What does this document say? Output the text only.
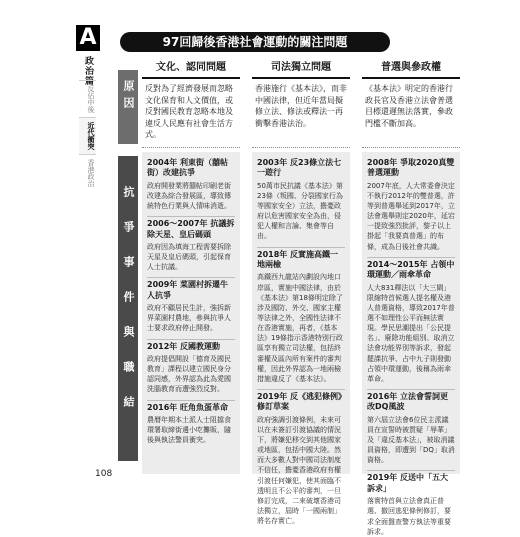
A
政治篇
反佔中後
近代衝突
香港政治
108
97回歸後香港社會運動的關注問題
原因
抗爭事件與職結
文化、認同問題
反對為了經濟發展而忽略文化保育和人文價值，或反對國民教育忽略本地及違反人民應有社會生活方式。
2004年 利東街（囍帖街）改建抗爭
政府開發業將囍帖印刷老街改建為綜合發展區，導致傳統特色行業與人情味消逝。
2006～2007年 抗議拆除天星、皇后碼頭
政府因為填海工程需要拆除天星及皇后碼頭，引起保育人士抗議。
2009年 菜園村拆遷牛人抗爭
政府不顧居民生計，強拆新界菜園村農地，參與抗爭人士要求政府停止開發。
2012年 反國教運動
政府提倡開設「德育及國民教育」課程以建立國民身分認同感，外界認為此為愛國洗腦教育而遭強烈反對。
2016年 旺角魚蛋革命
農曆年期本土派人士阻擋食環署取締街邊小吃攤販，隨後與執法警員衝突。
司法獨立問題
香港施行《基本法》，而非中國法律，但近年當局擬修立法、修法或釋法一再衝擊香港法治。
2003年 反23條立法七一遊行
50萬市民抗議《基本法》第23條（叛國、分裂國家行為等國家安全）立法，擔憂政府以危害國家安全為由，侵犯人權和言論、集會等自由。
2018年 反實施高鐵一地兩檢
高鐵西九龍站內劃設內地口岸區，實施中國法律，由於《基本法》第18條明定除了涉及國防、外交、國家主權等法律之外，全國性法律不在香港實施，再者，《基本法》19條指示香港特別行政區享有獨立司法權，包括終審權及區內所有案件的審判權，因此外界認為一地兩檢措施違反了《基本法》。
2019年 反《逃犯條例》修訂草案
政府強調引渡條例，未來可以在未簽訂引渡協議的情況下，將嫌犯移交到其他國家或地區，包括中國大陸。然而大多數人對中國司法制度不信任，擔憂香港政府有權引渡任何嫌犯，使其面臨不透明且不公平的審判，一旦修訂完成，二來破壞香港司法獨立，屆時「一國兩制」將名存實亡。
普選與參政權
《基本法》明定的香港行政長官及香港立法會普選目標還遲無法落實，參政門檻不斷加高。
2008年 爭取2020真雙普選運動
2007年底，人大常委會決定不執行2012年的雙普選，許等到普選舉延到2017年，立法會選舉則定2020年，延宕一提致強烈批評，黎子以上掛起「我要真普選」的布條，成為日後社會共識。
2014～2015年 占領中環運動／雨傘革命
人大831釋法以「大三閘」限縮特首候選人提名權及港人普選資格，導致2017年普選不如理性公平而無法實現。學民思潮提出「公民提名」、廢除功能組別、取消立法會功能界別等訴求，發起罷課抗爭、占中九子則發動占領中環運動，後稱為雨傘革命。
2016年 立法會誓詞更改DQ風波
第六屆立法會6位民主派議員在宣誓時被質疑「辱華」及「違反基本法」，被取消議員資格，即遭到「DQ」取消資格。
2019年 反送中「五大訴求」
落實特首與立法會真正普選、撤回逃犯條例修訂，要求全面盤查警方執法等重要訴求。
